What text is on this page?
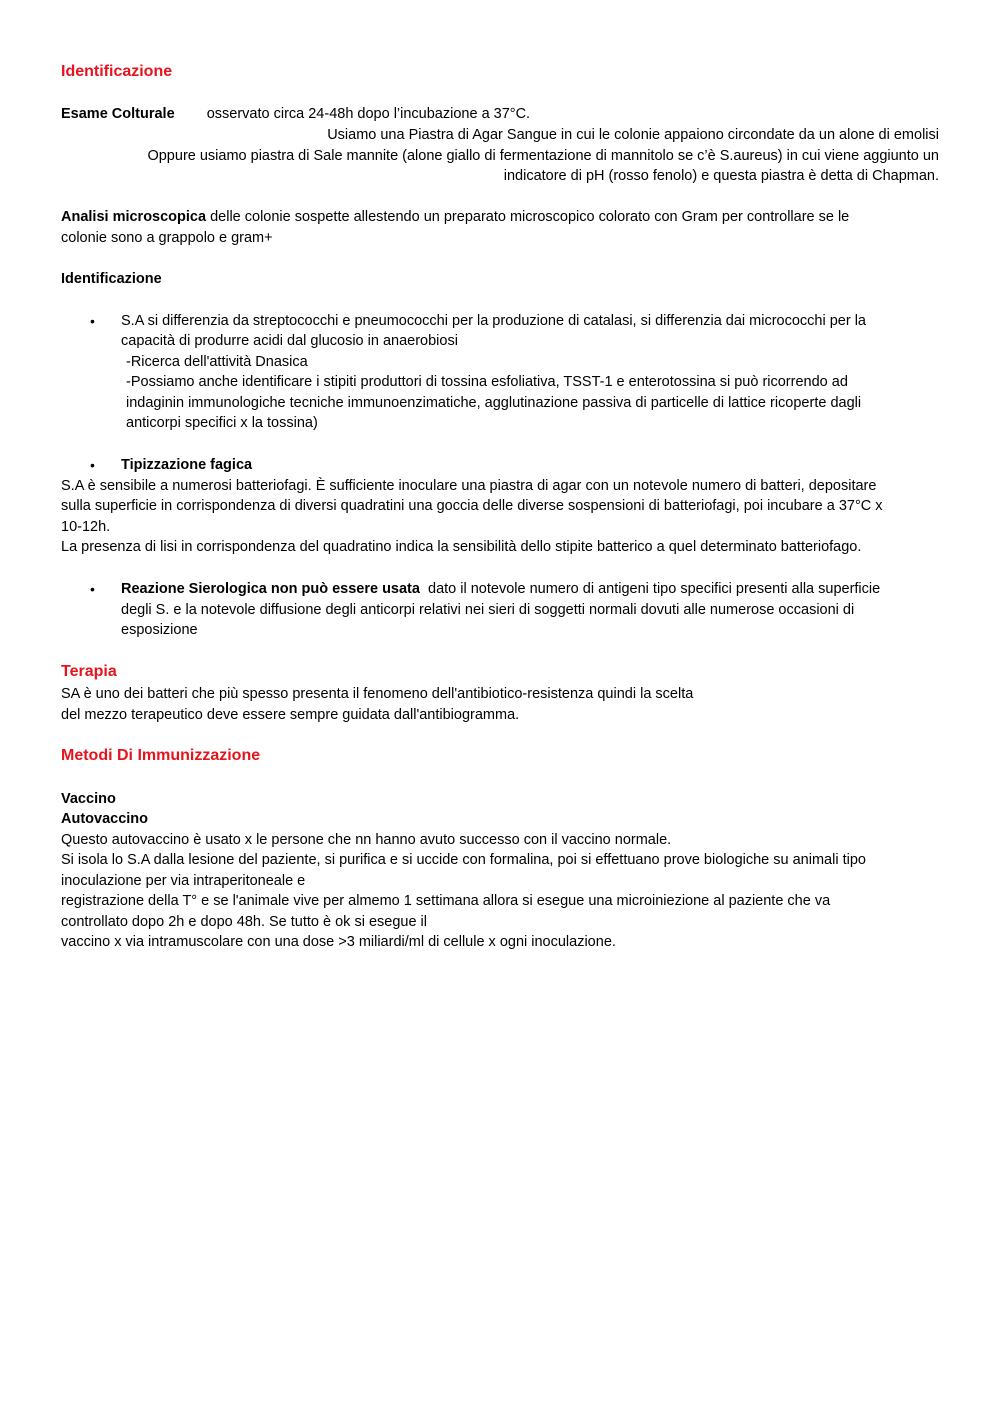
Identificazione
Esame Colturale osservato circa 24-48h dopo l’incubazione a 37°C.
Usiamo una Piastra di Agar Sangue in cui le colonie appaiono circondate da un alone di emolisi
Oppure usiamo piastra di Sale mannite (alone giallo di fermentazione di mannitolo se c’è S.aureus) in cui viene aggiunto un
indicatore di pH (rosso fenolo) e questa piastra è detta di Chapman.
Analisi microscopica delle colonie sospette allestendo un preparato microscopico colorato con Gram per controllare se le
colonie sono a grappolo e gram+
Identificazione
• S.A si differenzia da streptococchi e pneumococchi per la produzione di catalasi, si differenzia dai micrococchi per la
capacità di produrre acidi dal glucosio in anaerobiosi
-Ricerca dell'attività Dnasica
-Possiamo anche identificare i stipiti produttori di tossina esfoliativa, TSST-1 e enterotossina si può ricorrendo ad
indaginin immunologiche tecniche immunoenzimatiche, agglutinazione passiva di particelle di lattice ricoperte dagli
anticorpi specifici x la tossina)
• Tipizzazione fagica
S.A è sensibile a numerosi batteriofagi. È sufficiente inoculare una piastra di agar con un notevole numero di batteri, depositare
sulla superficie in corrispondenza di diversi quadratini una goccia delle diverse sospensioni di batteriofagi, poi incubare a 37°C x
10-12h.
La presenza di lisi in corrispondenza del quadratino indica la sensibilità dello stipite batterico a quel determinato batteriofago.
• Reazione Sierologica non può essere usata  dato il notevole numero di antigeni tipo specifici presenti alla superficie
degli S. e la notevole diffusione degli anticorpi relativi nei sieri di soggetti normali dovuti alle numerose occasioni di
esposizione
Terapia
SA è uno dei batteri che più spesso presenta il fenomeno dell'antibiotico-resistenza quindi la scelta
del mezzo terapeutico deve essere sempre guidata dall'antibiogramma.
Metodi Di Immunizzazione
Vaccino
Autovaccino
Questo autovaccino è usato x le persone che nn hanno avuto successo con il vaccino normale.
Si isola lo S.A dalla lesione del paziente, si purifica e si uccide con formalina, poi si effettuano prove biologiche su animali tipo
inoculazione per via intraperitoneale e
registrazione della T° e se l'animale vive per almemo 1 settimana allora si esegue una microiniezione al paziente che va
controllato dopo 2h e dopo 48h. Se tutto è ok si esegue il
vaccino x via intramuscolare con una dose >3 miliardi/ml di cellule x ogni inoculazione.
